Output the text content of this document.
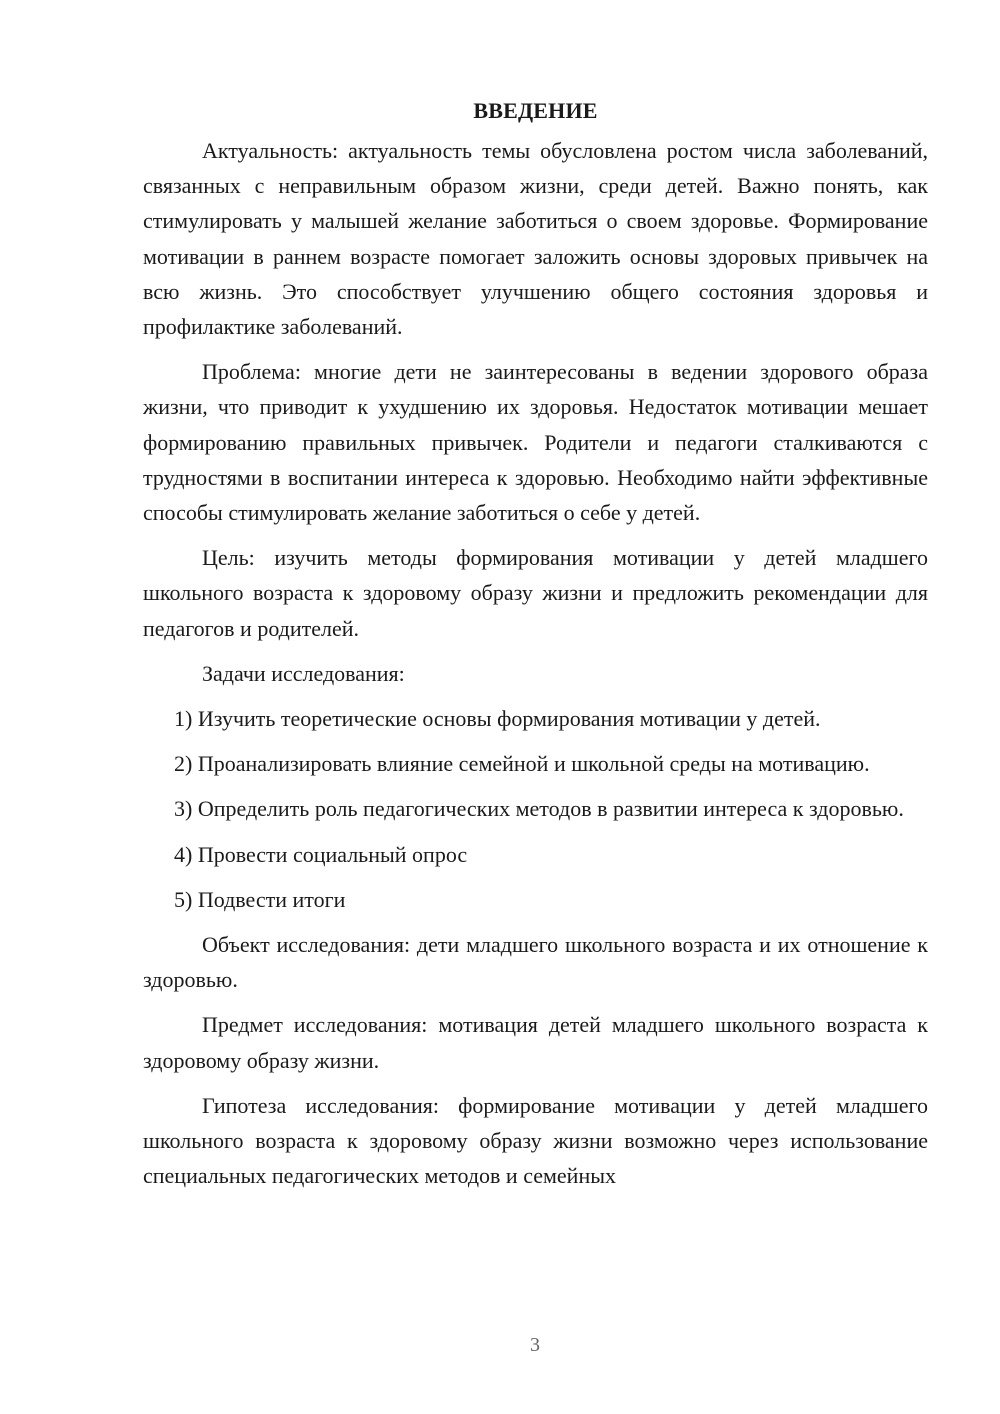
ВВЕДЕНИЕ

Актуальность: актуальность темы обусловлена ростом числа заболеваний, связанных с неправильным образом жизни, среди детей. Важно понять, как стимулировать у малышей желание заботиться о своем здоровье. Формирование мотивации в раннем возрасте помогает заложить основы здоровых привычек на всю жизнь. Это способствует улучшению общего состояния здоровья и профилактике заболеваний.

Проблема: многие дети не заинтересованы в ведении здорового образа жизни, что приводит к ухудшению их здоровья. Недостаток мотивации мешает формированию правильных привычек. Родители и педагоги сталкиваются с трудностями в воспитании интереса к здоровью. Необходимо найти эффективные способы стимулировать желание заботиться о себе у детей.

Цель: изучить методы формирования мотивации у детей младшего школьного возраста к здоровому образу жизни и предложить рекомендации для педагогов и родителей.

Задачи исследования:

1) Изучить теоретические основы формирования мотивации у детей.

2) Проанализировать влияние семейной и школьной среды на мотивацию.

3) Определить роль педагогических методов в развитии интереса к здоровью.

4) Провести социальный опрос

5) Подвести итоги

Объект исследования: дети младшего школьного возраста и их отношение к здоровью.

Предмет исследования: мотивация детей младшего школьного возраста к здоровому образу жизни.

Гипотеза исследования: формирование мотивации у детей младшего школьного возраста к здоровому образу жизни возможно через использование специальных педагогических методов и семейных

3
